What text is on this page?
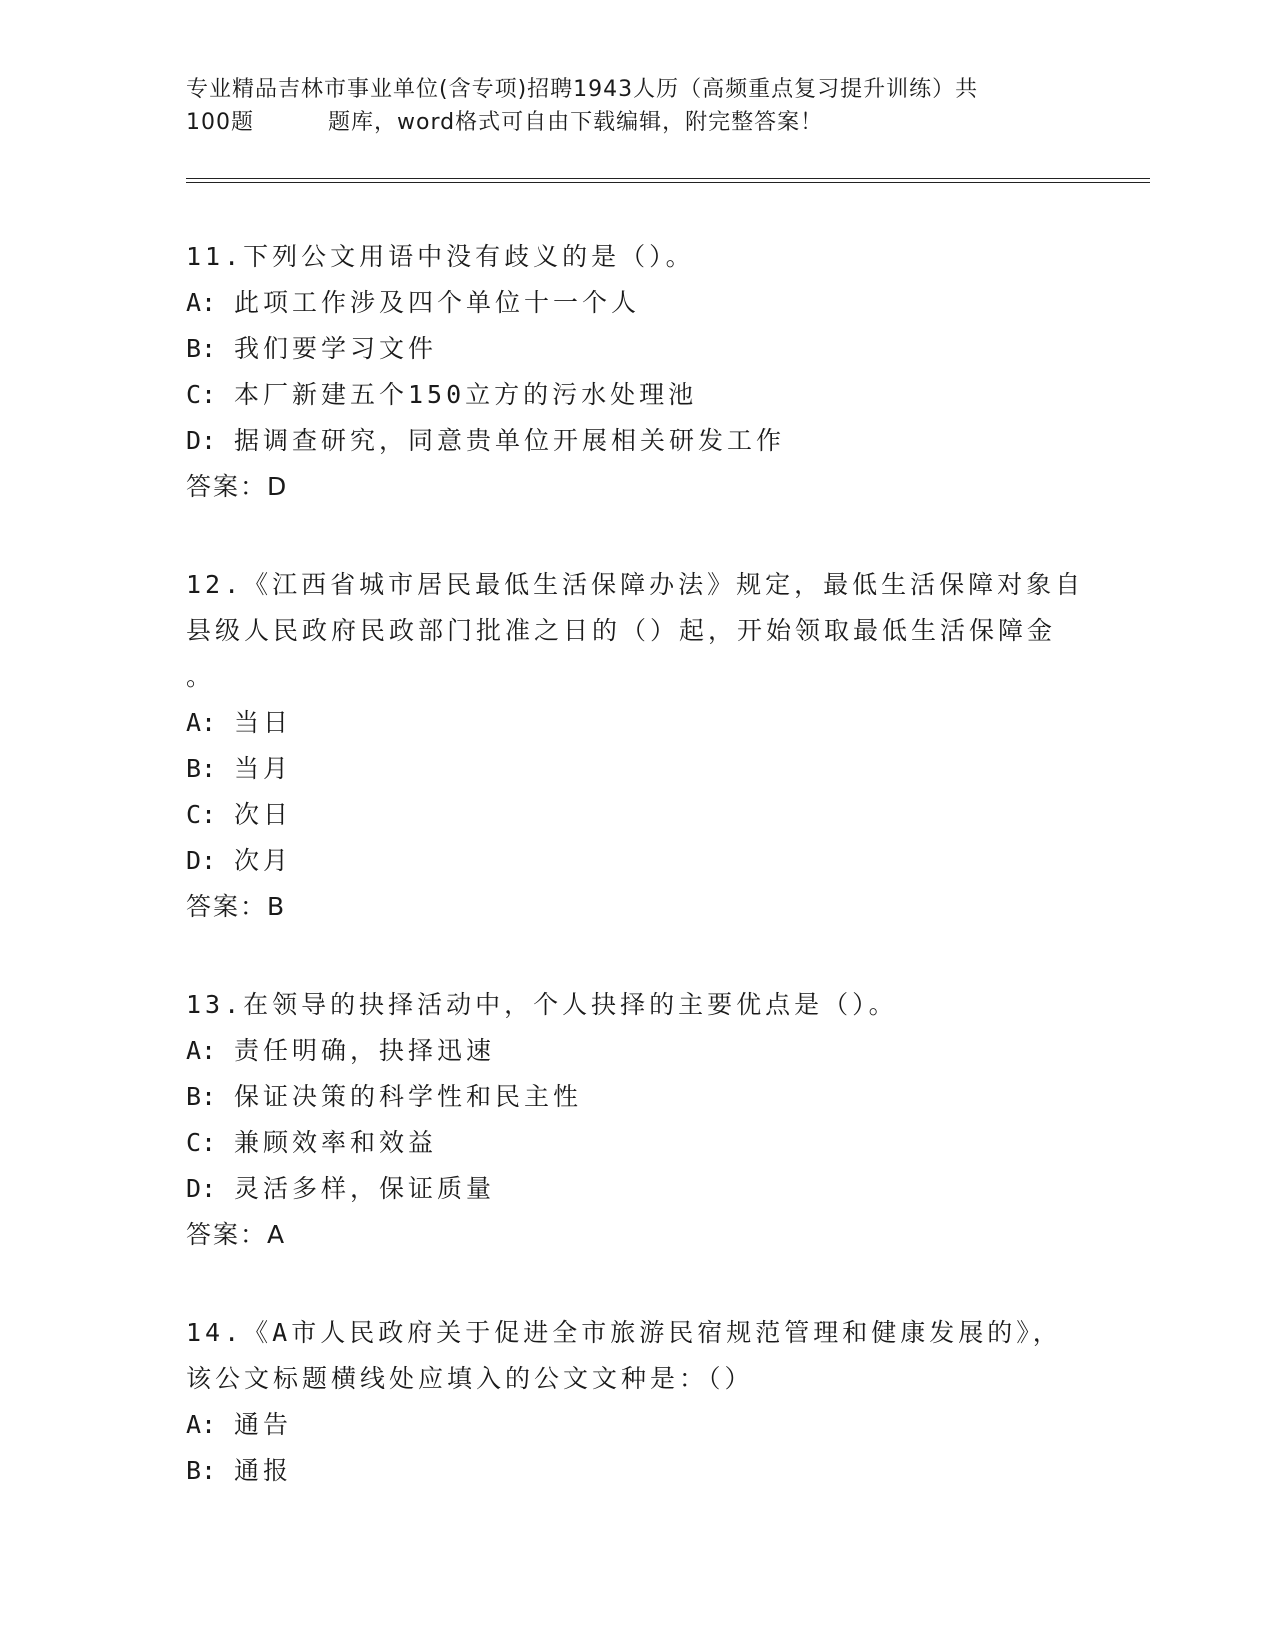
专业精品吉林市事业单位(含专项)招聘1943人历（高频重点复习提升训练）共
100题	题库，word格式可自由下载编辑，附完整答案！
11.下列公文用语中没有歧义的是（）。
A: 此项工作涉及四个单位十一个人
B: 我们要学习文件
C: 本厂新建五个150立方的污水处理池
D: 据调查研究，同意贵单位开展相关研发工作
答案：D
12.《江西省城市居民最低生活保障办法》规定，最低生活保障对象自
县级人民政府民政部门批准之日的（）起，开始领取最低生活保障金
。
A: 当日
B: 当月
C: 次日
D: 次月
答案：B
13.在领导的抉择活动中，个人抉择的主要优点是（）。
A: 责任明确，抉择迅速
B: 保证决策的科学性和民主性
C: 兼顾效率和效益
D: 灵活多样，保证质量
答案：A
14.《A市人民政府关于促进全市旅游民宿规范管理和健康发展的》，
该公文标题横线处应填入的公文文种是：（）
A: 通告
B: 通报
